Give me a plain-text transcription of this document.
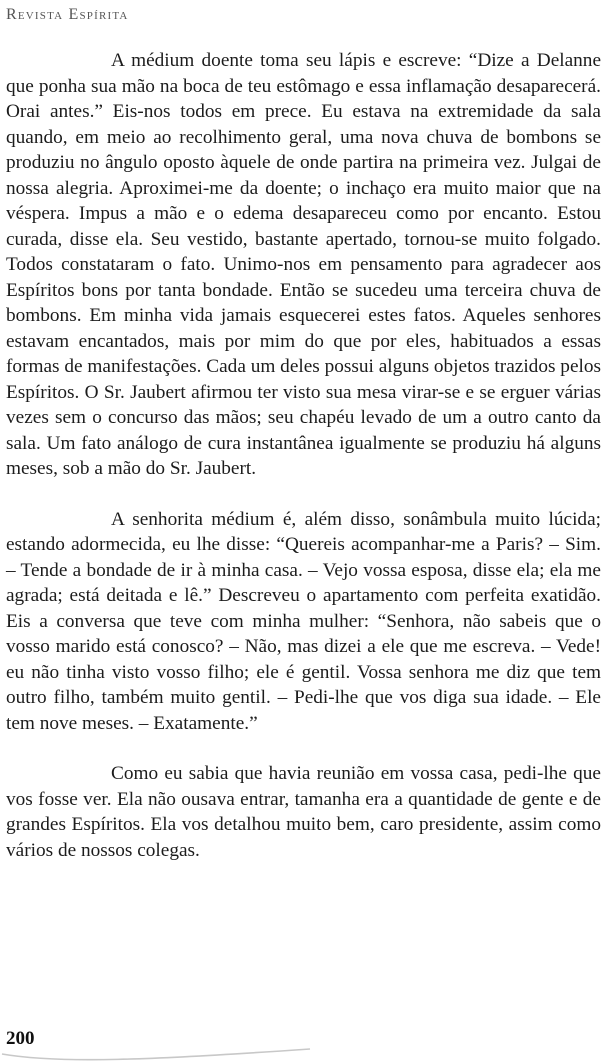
Revista Espírita

A médium doente toma seu lápis e escreve: “Dize a Delanne que ponha sua mão na boca de teu estômago e essa inflamação desaparecerá. Orai antes.” Eis-nos todos em prece. Eu estava na extremidade da sala quando, em meio ao recolhimento geral, uma nova chuva de bombons se produziu no ângulo oposto àquele de onde partira na primeira vez. Julgai de nossa alegria. Aproximei-me da doente; o inchaço era muito maior que na véspera. Impus a mão e o edema desapareceu como por encanto. Estou curada, disse ela. Seu vestido, bastante apertado, tornou-se muito folgado. Todos constataram o fato. Unimo-nos em pensamento para agradecer aos Espíritos bons por tanta bondade. Então se sucedeu uma terceira chuva de bombons. Em minha vida jamais esquecerei estes fatos. Aqueles senhores estavam encantados, mais por mim do que por eles, habituados a essas formas de manifestações. Cada um deles possui alguns objetos trazidos pelos Espíritos. O Sr. Jaubert afirmou ter visto sua mesa virar-se e se erguer várias vezes sem o concurso das mãos; seu chapéu levado de um a outro canto da sala. Um fato análogo de cura instantânea igualmente se produziu há alguns meses, sob a mão do Sr. Jaubert.

A senhorita médium é, além disso, sonâmbula muito lúcida; estando adormecida, eu lhe disse: “Quereis acompanhar-me a Paris? – Sim. – Tende a bondade de ir à minha casa. – Vejo vossa esposa, disse ela; ela me agrada; está deitada e lê.” Descreveu o apartamento com perfeita exatidão. Eis a conversa que teve com minha mulher: “Senhora, não sabeis que o vosso marido está conosco? – Não, mas dizei a ele que me escreva. – Vede! eu não tinha visto vosso filho; ele é gentil. Vossa senhora me diz que tem outro filho, também muito gentil. – Pedi-lhe que vos diga sua idade. – Ele tem nove meses. – Exatamente.”

Como eu sabia que havia reunião em vossa casa, pedi-lhe que vos fosse ver. Ela não ousava entrar, tamanha era a quantidade de gente e de grandes Espíritos. Ela vos detalhou muito bem, caro presidente, assim como vários de nossos colegas.

200
